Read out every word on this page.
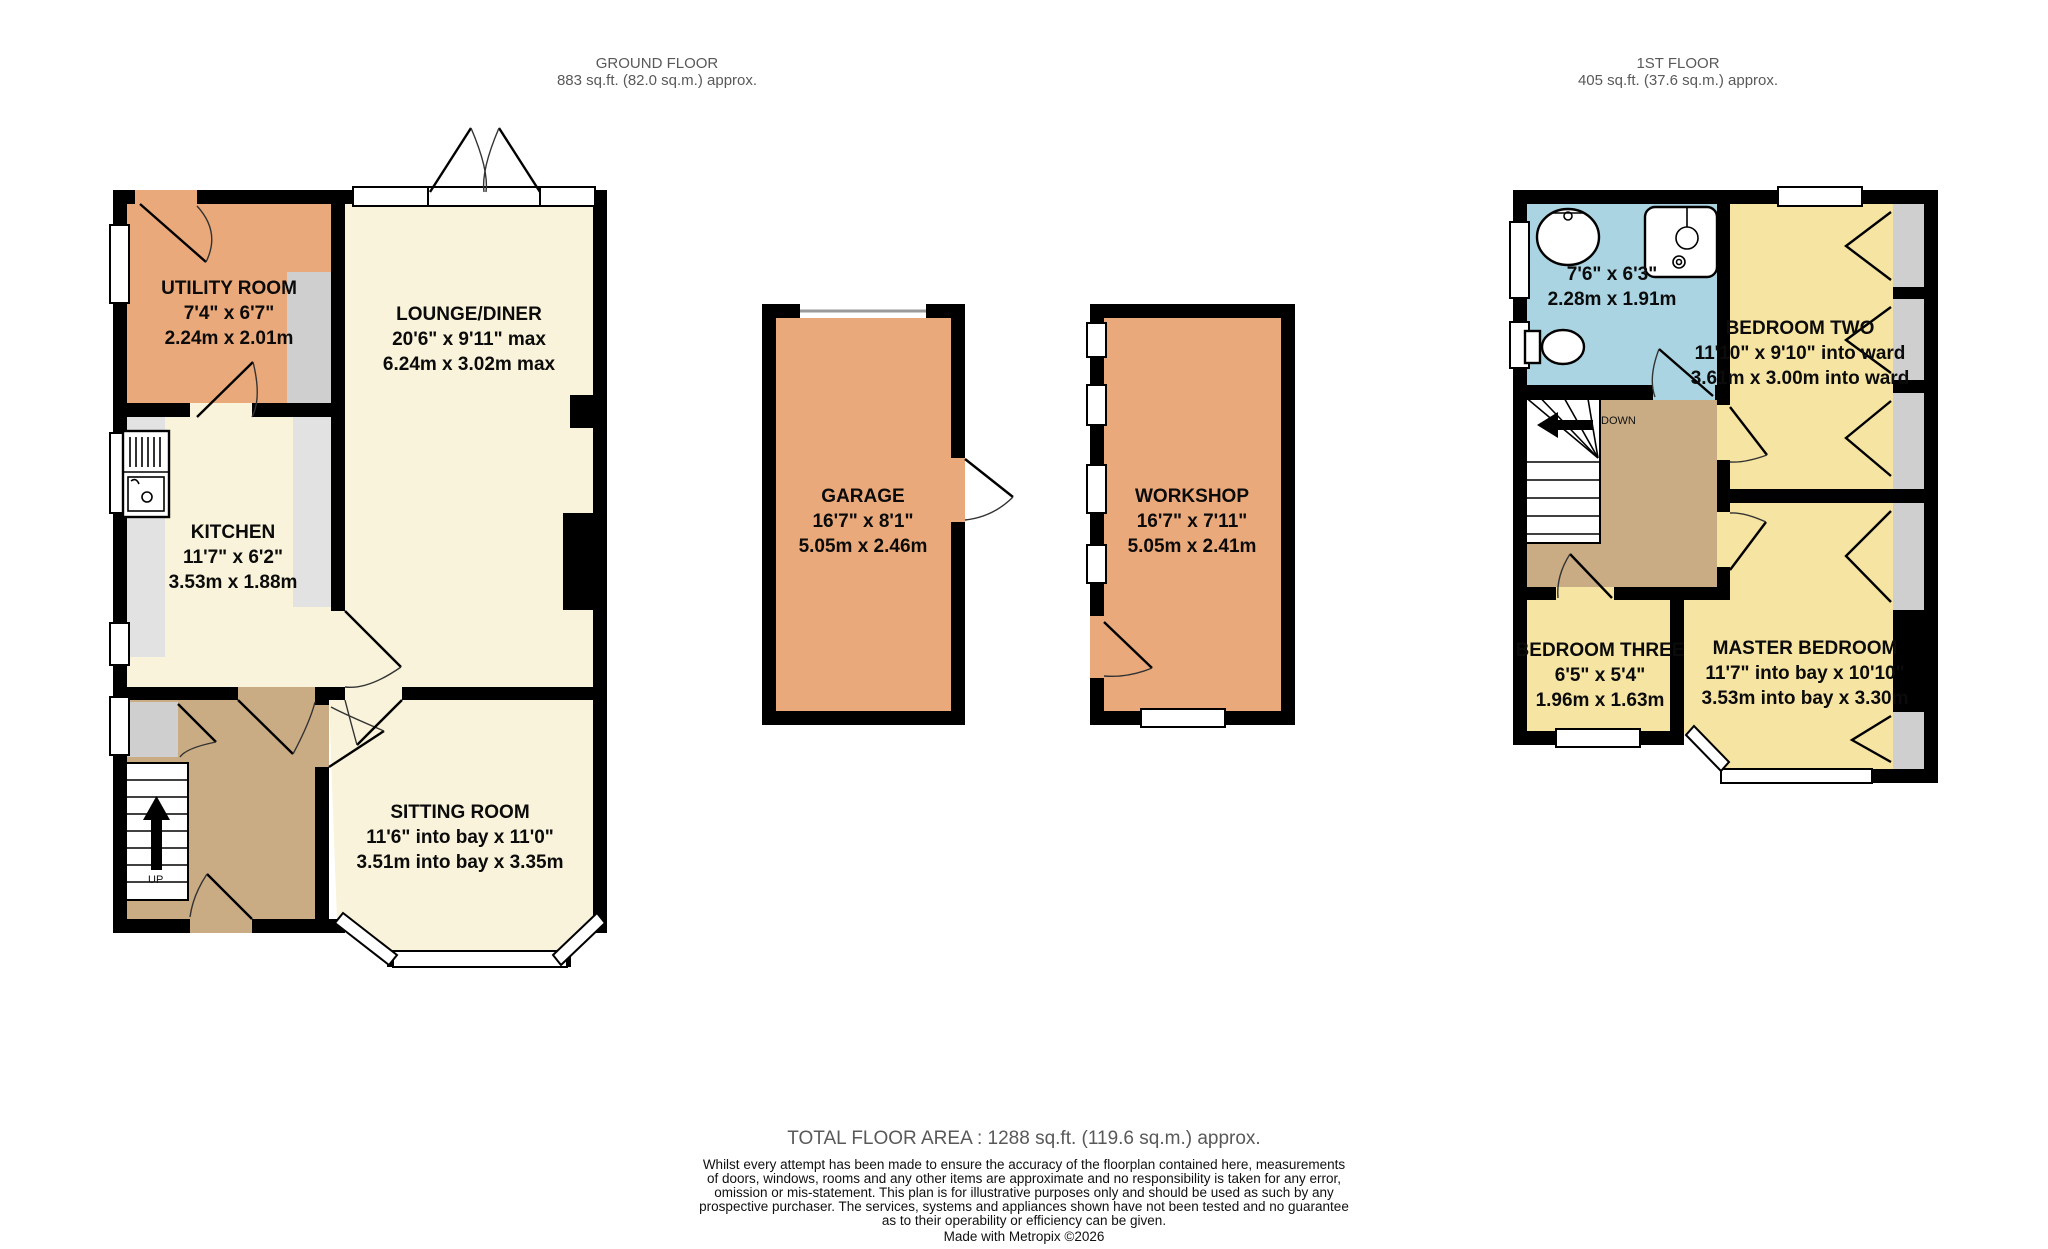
GROUND FLOOR
883 sq.ft. (82.0 sq.m.) approx.
1ST FLOOR
405 sq.ft. (37.6 sq.m.) approx.
UTILITY ROOM
7'4" x 6'7"
2.24m x 2.01m
LOUNGE/DINER
20'6" x 9'11" max
6.24m x 3.02m max
KITCHEN
11'7" x 6'2"
3.53m x 1.88m
SITTING ROOM
11'6" into bay x 11'0"
3.51m into bay x 3.35m
GARAGE
16'7" x 8'1"
5.05m x 2.46m
WORKSHOP
16'7" x 7'11"
5.05m x 2.41m
7'6" x 6'3"
2.28m x 1.91m
BEDROOM TWO
11'10" x 9'10" into ward
3.61m x 3.00m into ward
BEDROOM THREE
6'5" x 5'4"
1.96m x 1.63m
MASTER BEDROOM
11'7" into bay x 10'10"
3.53m into bay x 3.30m
UP
DOWN
TOTAL FLOOR AREA : 1288 sq.ft. (119.6 sq.m.) approx.
Whilst every attempt has been made to ensure the accuracy of the floorplan contained here, measurements
of doors, windows, rooms and any other items are approximate and no responsibility is taken for any error,
omission or mis-statement. This plan is for illustrative purposes only and should be used as such by any
prospective purchaser. The services, systems and appliances shown have not been tested and no guarantee
as to their operability or efficiency can be given.
Made with Metropix ©2026
